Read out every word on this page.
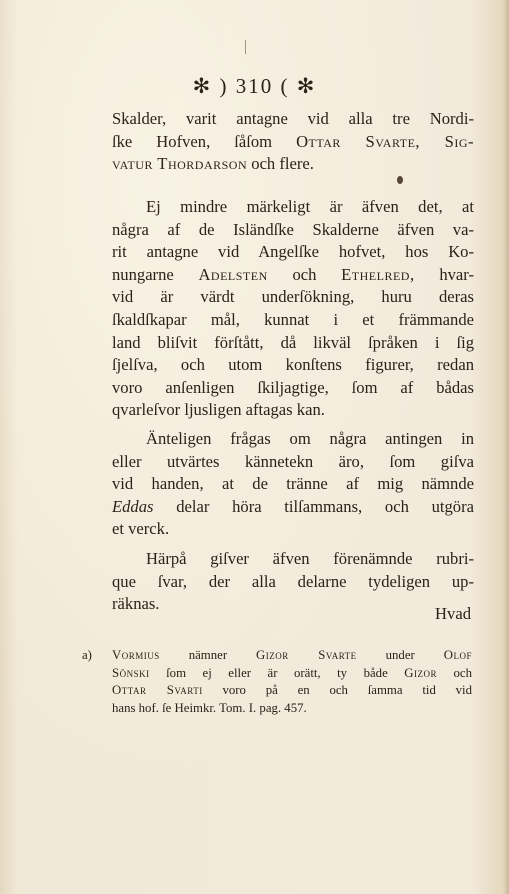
✻ ) 310 ( ✻
Skalder, varit antagne vid alla tre Nordi-
ſke Hofven, ſåſom Ottar Svarte, Sig-
vatur Thordarson och flere.
Ej mindre märkeligt är äfven det, at
några af de Isländſke Skalderne äfven va-
rit antagne vid Angelſke hofvet, hos Ko-
nungarne Adelsten och Ethelred, hvar-
vid är värdt underſökning, huru deras
ſkaldſkapar mål, kunnat i et främmande
land bliſvit förſtått, då likväl ſpråken i ſig
ſjelſva, och utom konſtens figurer, redan
voro anſenligen ſkiljagtige, ſom af bådas
qvarleſvor ljusligen aftagas kan.
Änteligen frågas om några antingen in
eller utvärtes kännetekn äro, ſom giſva
vid handen, at de tränne af mig nämnde
Eddas delar höra tilſammans, och utgöra
et verck.
Härpå giſver äfven förenämnde rubri-
que ſvar, der alla delarne tydeligen up-
räknas.
Hvad
a) Vormius nämner Gizor Svarte under Olof
Sönski ſom ej eller är orätt, ty både Gizor och
Ottar Svarti voro på en och ſamma tid vid
hans hof. ſe Heimkr. Tom. I. pag. 457.
